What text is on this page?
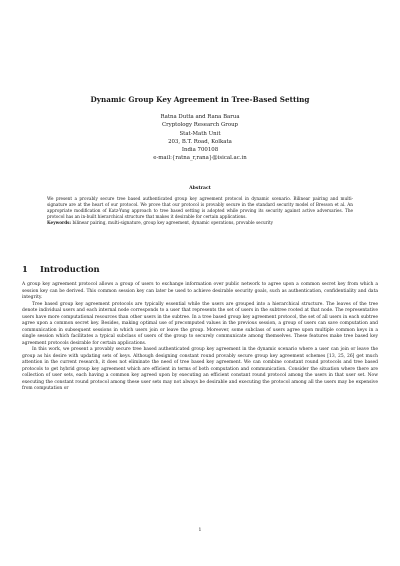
Dynamic Group Key Agreement in Tree-Based Setting
Ratna Dutta and Rana Barua
Cryptology Research Group
Stat-Math Unit
203, B.T. Road, Kolkata
India 700108
e-mail:{ratna_r,rana}@isical.ac.in
Abstract
We present a provably secure tree based authenticated group key agreement protocol in dynamic scenario. Bilinear pairing and multi-signature are at the heart of our protocol. We prove that our protocol is provably secure in the standard security model of Bresson et al. An appropriate modification of Katz-Yung approach to tree based setting is adopted while proving its security against active adversaries. The protocol has an in-built hierarchical structure that makes it desirable for certain applications.
Keywords: bilinear pairing, multi-signature, group key agreement, dynamic operations, provable security
1 Introduction

A group key agreement protocol allows a group of users to exchange information over public network to agree upon a common secret key from which a session key can be derived. This common session key can later be used to achieve desirable security goals, such as authentication, confidentiality and data integrity.

Tree based group key agreement protocols are typically essential while the users are grouped into a hierarchical structure. The leaves of the tree denote individual users and each internal node corresponds to a user that represents the set of users in the subtree rooted at that node. The representative users have more computational resources than other users in the subtree. In a tree based group key agreement protocol, the set of all users in each subtree agree upon a common secret key. Besides, making optimal use of precomputed values in the previous session, a group of users can save computation and communication in subsequent sessions in which users join or leave the group. Moreover, some subclass of users agree upon multiple common keys in a single session which facilitates a typical subclass of users of the group to securely communicate among themselves. These features make tree based key agreement protocols desirable for certain applications.

In this work, we present a provably secure tree based authenticated group key agreement in the dynamic scenario where a user can join or leave the group as his desire with updating sets of keys. Although designing constant round provably secure group key agreement schemes [13, 25, 26] get much attention in the current research, it does not eliminate the need of tree based key agreement. We can combine constant round protocols and tree based protocols to get hybrid group key agreement which are efficient in terms of both computation and communication. Consider the situation where there are collection of user sets, each having a common key agreed upon by executing an efficient constant round protocol among the users in that user set. Now executing the constant round protocol among these user sets may not always be desirable and executing the protocol among all the users may be expensive from computation or

1
